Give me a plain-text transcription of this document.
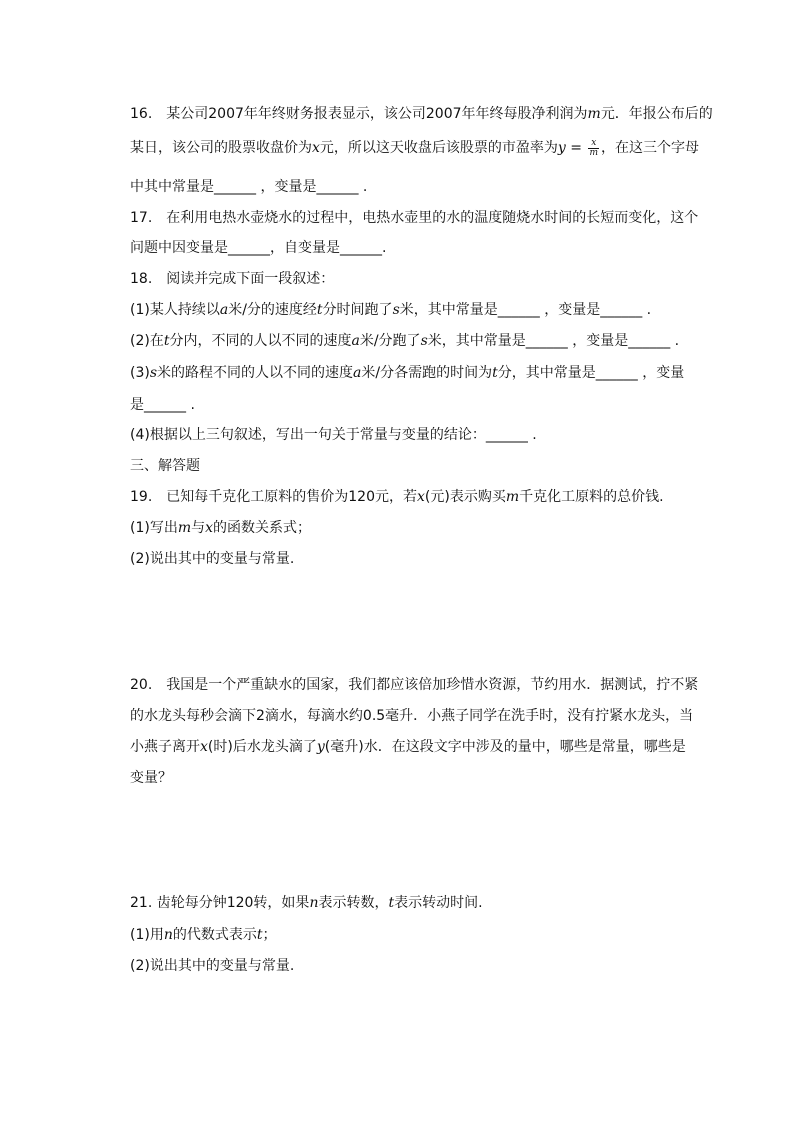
16.　某公司2007年年终财务报表显示，该公司2007年年终每股净利润为m元．年报公布后的
某日，该公司的股票收盘价为x元，所以这天收盘后该股票的市盈率为$y = \frac{x}{m}$ ，在这三个字母
中其中常量是______ ，变量是______ .
17.　在利用电热水壶烧水的过程中，电热水壶里的水的温度随烧水时间的长短而变化，这个
问题中因变量是______，自变量是______.
18.　阅读并完成下面一段叙述：
(1)某人持续以a米/分的速度经t分时间跑了s米，其中常量是______ ，变量是______ .
(2)在t分内，不同的人以不同的速度a米/分跑了s米，其中常量是______ ，变量是______ .
(3)s米的路程不同的人以不同的速度a米/分各需跑的时间为t分，其中常量是______ ，变量
是______ .
(4)根据以上三句叙述，写出一句关于常量与变量的结论：______ .
三、解答题
19.　已知每千克化工原料的售价为120元，若x(元)表示购买m千克化工原料的总价钱.
(1)写出m与x的函数关系式；
(2)说出其中的变量与常量.
20.　我国是一个严重缺水的国家，我们都应该倍加珍惜水资源，节约用水．据测试，拧不紧
的水龙头每秒会滴下2滴水，每滴水约0.5毫升．小燕子同学在洗手时，没有拧紧水龙头，当
小燕子离开x(时)后水龙头滴了y(毫升)水．在这段文字中涉及的量中，哪些是常量，哪些是
变量？
21. 齿轮每分钟120转，如果n表示转数，t表示转动时间.
(1)用n的代数式表示t；
(2)说出其中的变量与常量.
